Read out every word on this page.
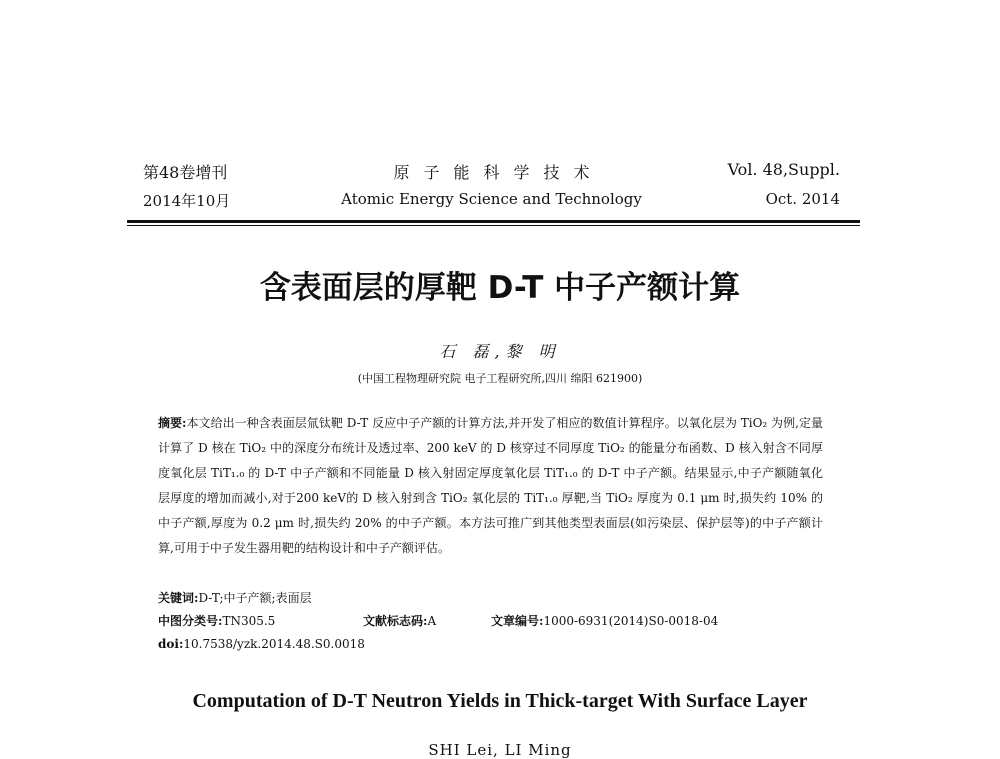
第48卷增刊
2014年10月
原子能科学技术
Atomic Energy Science and Technology
Vol. 48,Suppl.
Oct. 2014
含表面层的厚靶 D-T 中子产额计算
石 磊,黎 明
(中国工程物理研究院 电子工程研究所,四川 绵阳 621900)
摘要:本文给出一种含表面层氚钛靶 D-T 反应中子产额的计算方法,并开发了相应的数值计算程序。以氧化层为 TiO₂ 为例,定量计算了 D 核在 TiO₂ 中的深度分布统计及透过率、200 keV 的 D 核穿过不同厚度 TiO₂ 的能量分布函数、D 核入射含不同厚度氧化层 TiT₁.₀ 的 D-T 中子产额和不同能量 D 核入射固定厚度氧化层 TiT₁.₀ 的 D-T 中子产额。结果显示,中子产额随氧化层厚度的增加而减小,对于200 keV的 D 核入射到含 TiO₂ 氧化层的 TiT₁.₀ 厚靶,当 TiO₂ 厚度为 0.1 μm 时,损失约 10% 的中子产额,厚度为 0.2 μm 时,损失约 20% 的中子产额。本方法可推广到其他类型表面层(如污染层、保护层等)的中子产额计算,可用于中子发生器用靶的结构设计和中子产额评估。
关键词:D-T;中子产额;表面层
中图分类号:TN305.5	文献标志码:A	文章编号:1000-6931(2014)S0-0018-04
doi:10.7538/yzk.2014.48.S0.0018
Computation of D-T Neutron Yields in Thick-target With Surface Layer
SHI Lei, LI Ming
